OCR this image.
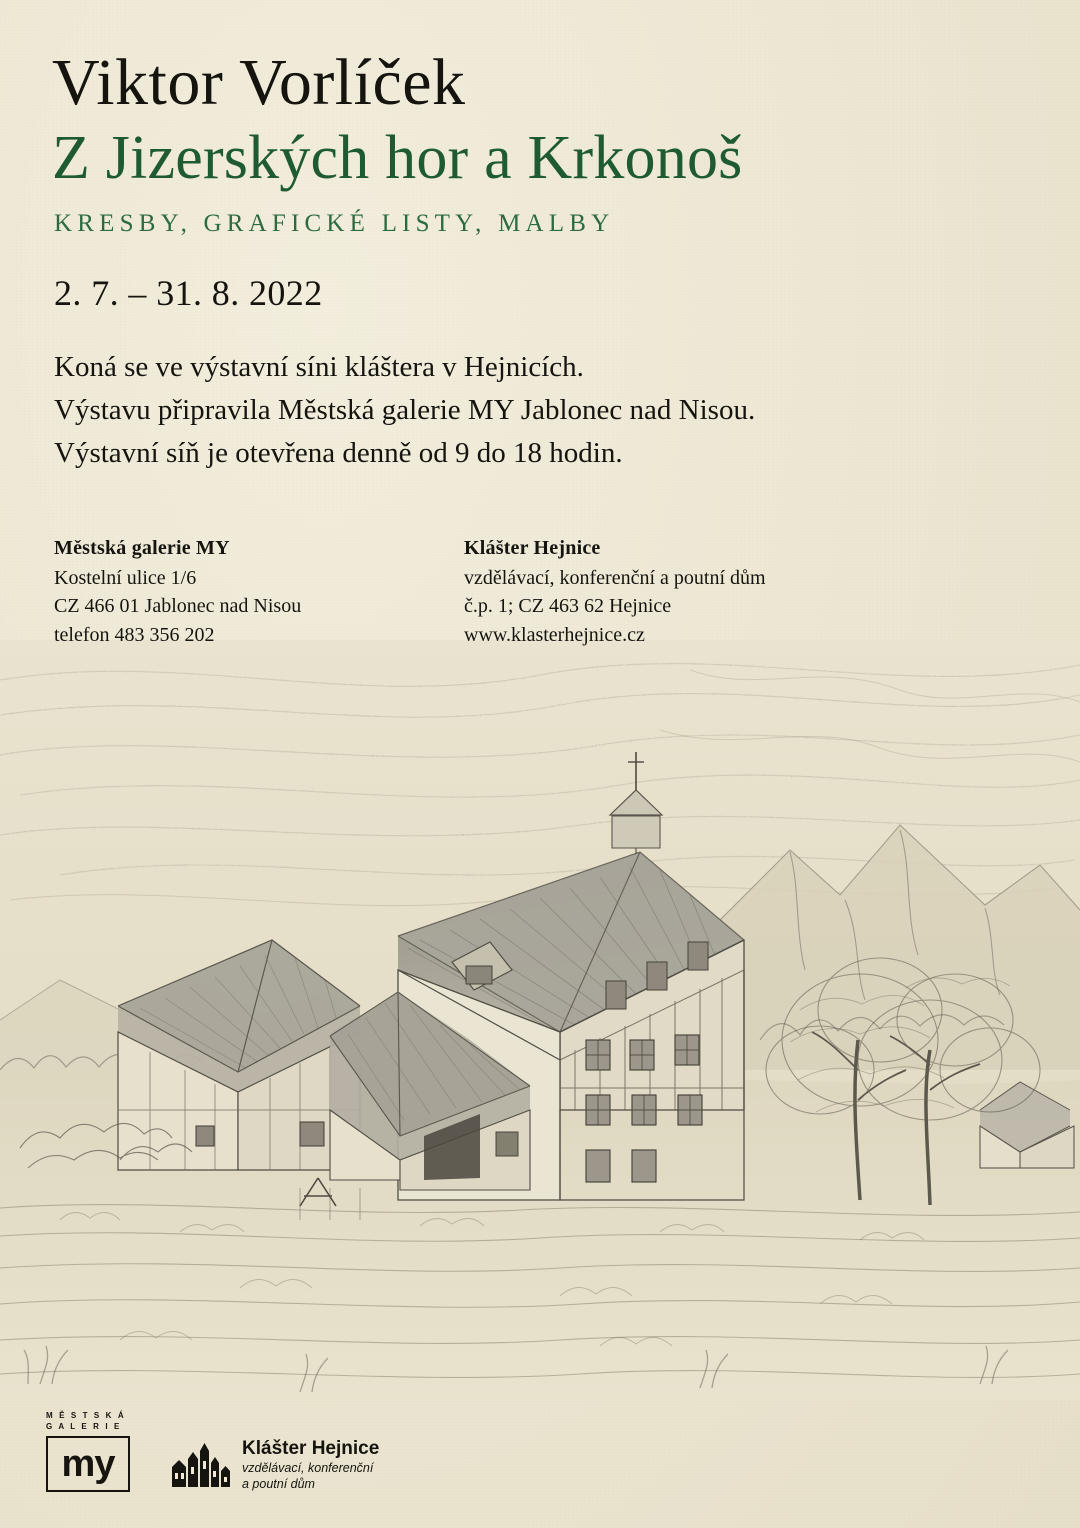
Viktor Vorlíček
Z Jizerských hor a Krkonoš
KRESBY, GRAFICKÉ LISTY, MALBY
2. 7. – 31. 8. 2022
Koná se ve výstavní síni kláštera v Hejnicích.
Výstavu připravila Městská galerie MY Jablonec nad Nisou.
Výstavní síň je otevřena denně od 9 do 18 hodin.
Městská galerie MY
Kostelní ulice 1/6
CZ 466 01 Jablonec nad Nisou
telefon 483 356 202
Klášter Hejnice
vzdělávací, konferenční a poutní dům
č.p. 1; CZ 463 62 Hejnice
www.klasterhejnice.cz
M Ě S T S K Á
G A L E R I E
my	Klášter Hejnice
vzdělávací, konferenční
a poutní dům
